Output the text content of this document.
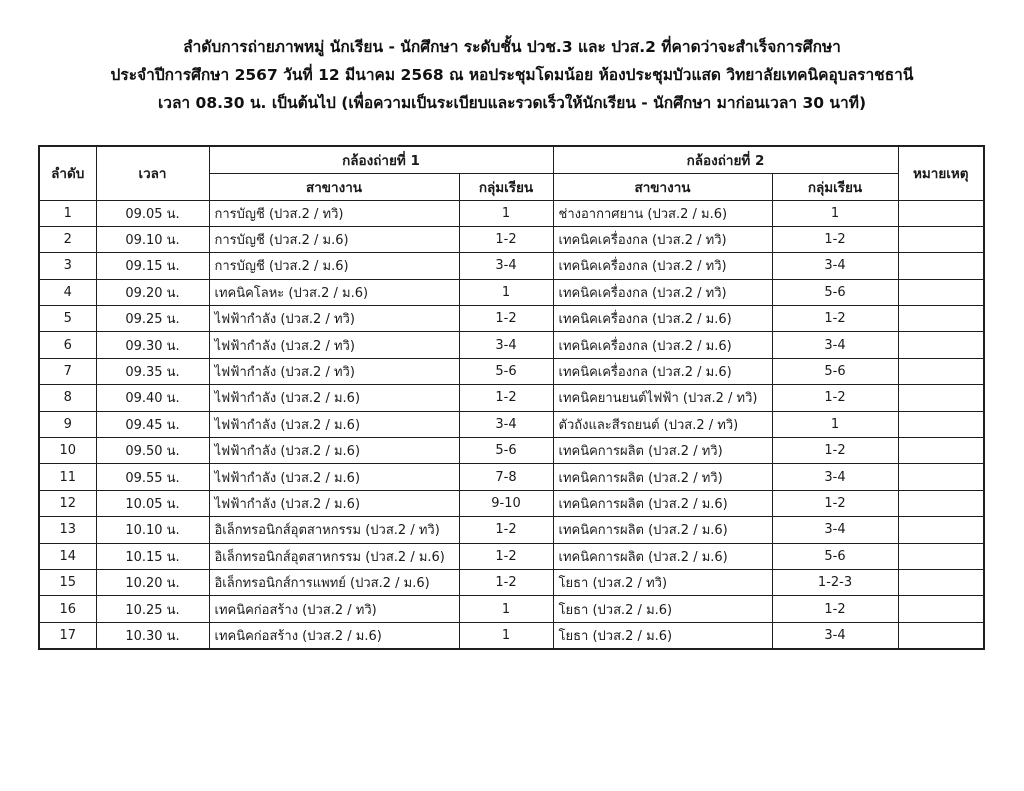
ลำดับการถ่ายภาพหมู่ นักเรียน - นักศึกษา ระดับชั้น ปวช.3 และ ปวส.2 ที่คาดว่าจะสำเร็จการศึกษา
ประจำปีการศึกษา 2567 วันที่ 12 มีนาคม 2568 ณ หอประชุมโดมน้อย ห้องประชุมบัวแสด วิทยาลัยเทคนิคอุบลราชธานี
เวลา 08.30 น. เป็นต้นไป (เพื่อความเป็นระเบียบและรวดเร็วให้นักเรียน - นักศึกษา มาก่อนเวลา 30 นาที)
ลำดับ	เวลา	กล้องถ่ายที่ 1		กล้องถ่ายที่ 2		หมายเหตุ
		สาขางาน	กลุ่มเรียน	สาขางาน	กลุ่มเรียน	
1	09.05 น.	การบัญชี (ปวส.2 / ทวิ)	1	ช่างอากาศยาน (ปวส.2 / ม.6)	1	
2	09.10 น.	การบัญชี (ปวส.2 / ม.6)	1-2	เทคนิคเครื่องกล (ปวส.2 / ทวิ)	1-2	
3	09.15 น.	การบัญชี (ปวส.2 / ม.6)	3-4	เทคนิคเครื่องกล (ปวส.2 / ทวิ)	3-4	
4	09.20 น.	เทคนิคโลหะ (ปวส.2 / ม.6)	1	เทคนิคเครื่องกล (ปวส.2 / ทวิ)	5-6	
5	09.25 น.	ไฟฟ้ากำลัง (ปวส.2 / ทวิ)	1-2	เทคนิคเครื่องกล (ปวส.2 / ม.6)	1-2	
6	09.30 น.	ไฟฟ้ากำลัง (ปวส.2 / ทวิ)	3-4	เทคนิคเครื่องกล (ปวส.2 / ม.6)	3-4	
7	09.35 น.	ไฟฟ้ากำลัง (ปวส.2 / ทวิ)	5-6	เทคนิคเครื่องกล (ปวส.2 / ม.6)	5-6	
8	09.40 น.	ไฟฟ้ากำลัง (ปวส.2 / ม.6)	1-2	เทคนิคยานยนต์ไฟฟ้า (ปวส.2 / ทวิ)	1-2	
9	09.45 น.	ไฟฟ้ากำลัง (ปวส.2 / ม.6)	3-4	ตัวถังและสีรถยนต์ (ปวส.2 / ทวิ)	1	
10	09.50 น.	ไฟฟ้ากำลัง (ปวส.2 / ม.6)	5-6	เทคนิคการผลิต (ปวส.2 / ทวิ)	1-2	
11	09.55 น.	ไฟฟ้ากำลัง (ปวส.2 / ม.6)	7-8	เทคนิคการผลิต (ปวส.2 / ทวิ)	3-4	
12	10.05 น.	ไฟฟ้ากำลัง (ปวส.2 / ม.6)	9-10	เทคนิคการผลิต (ปวส.2 / ม.6)	1-2	
13	10.10 น.	อิเล็กทรอนิกส์อุตสาหกรรม (ปวส.2 / ทวิ)	1-2	เทคนิคการผลิต (ปวส.2 / ม.6)	3-4	
14	10.15 น.	อิเล็กทรอนิกส์อุตสาหกรรม (ปวส.2 / ม.6)	1-2	เทคนิคการผลิต (ปวส.2 / ม.6)	5-6	
15	10.20 น.	อิเล็กทรอนิกส์การแพทย์ (ปวส.2 / ม.6)	1-2	โยธา (ปวส.2 / ทวิ)	1-2-3	
16	10.25 น.	เทคนิคก่อสร้าง (ปวส.2 / ทวิ)	1	โยธา (ปวส.2 / ม.6)	1-2	
17	10.30 น.	เทคนิคก่อสร้าง (ปวส.2 / ม.6)	1	โยธา (ปวส.2 / ม.6)	3-4	
